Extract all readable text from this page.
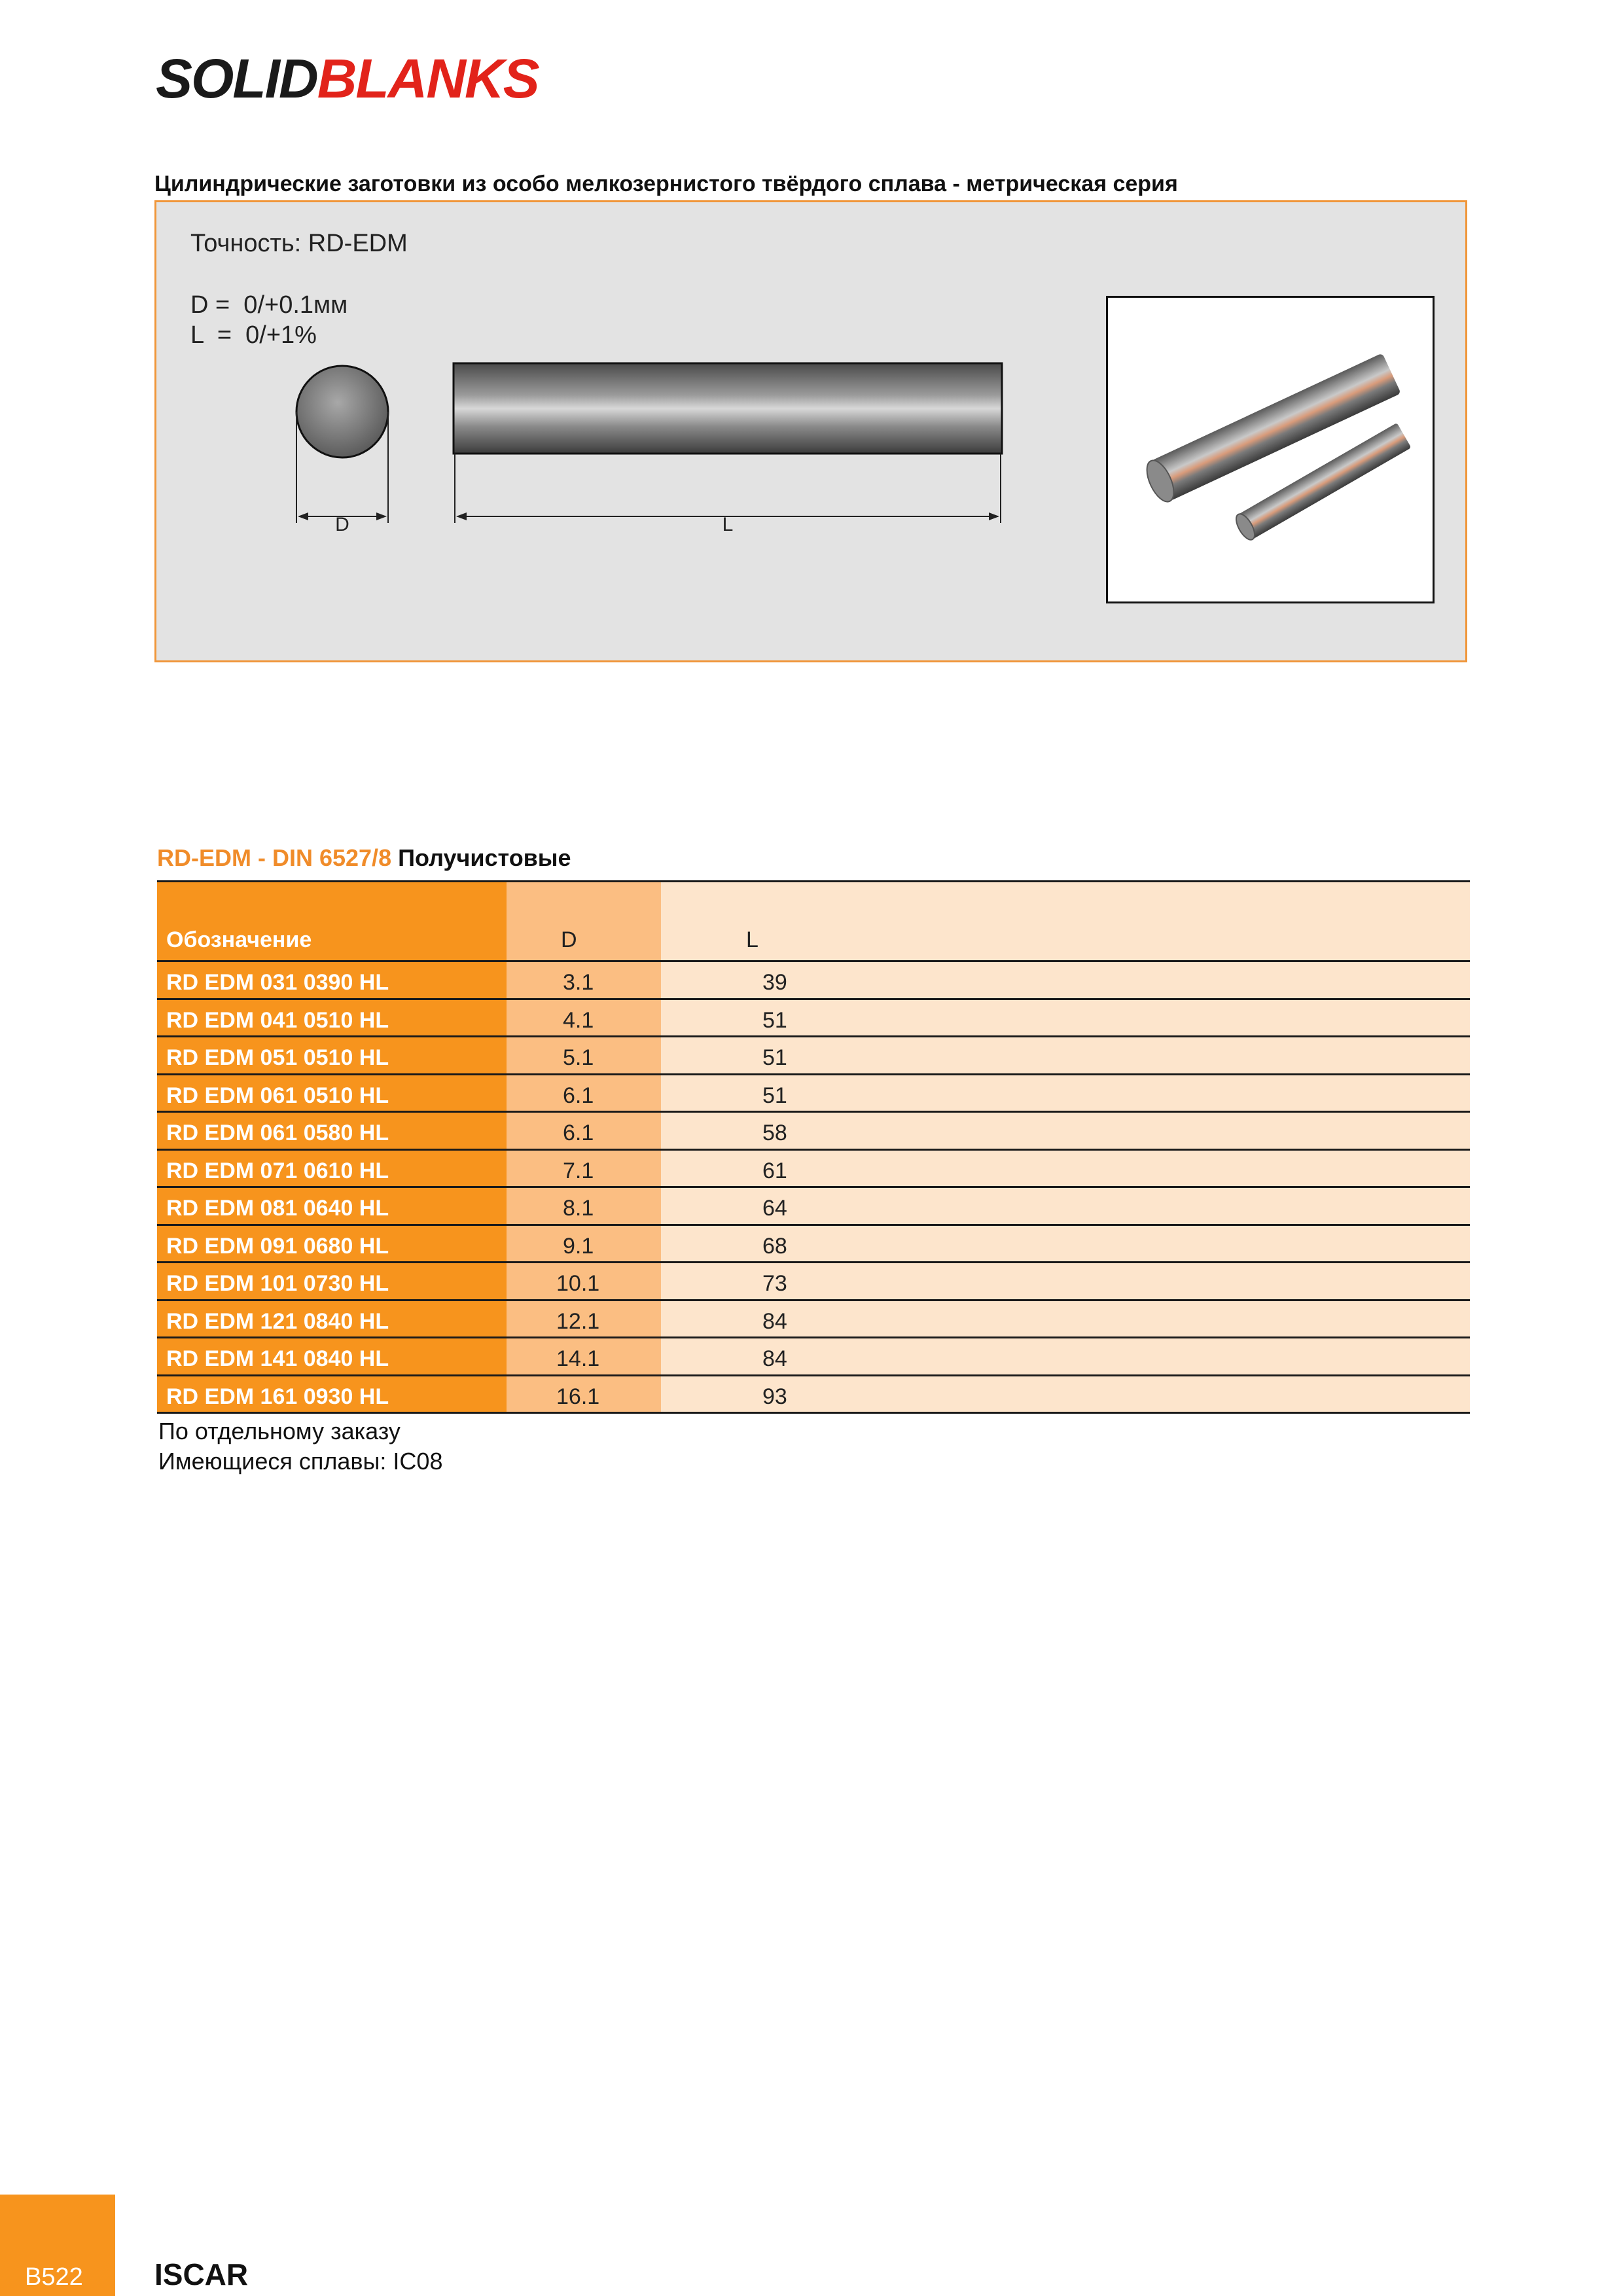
SOLIDBLANKS
Цилиндрические заготовки из особо мелкозернистого твёрдого сплава - метрическая серия
Точность: RD-EDM
D =  0/+0.1мм
L  =  0/+1%
D	L
RD-EDM - DIN 6527/8 Получистовые
Обозначение	D	L
RD EDM 031 0390 HL	3.1	39
RD EDM 041 0510 HL	4.1	51
RD EDM 051 0510 HL	5.1	51
RD EDM 061 0510 HL	6.1	51
RD EDM 061 0580 HL	6.1	58
RD EDM 071 0610 HL	7.1	61
RD EDM 081 0640 HL	8.1	64
RD EDM 091 0680 HL	9.1	68
RD EDM 101 0730 HL	10.1	73
RD EDM 121 0840 HL	12.1	84
RD EDM 141 0840 HL	14.1	84
RD EDM 161 0930 HL	16.1	93
По отдельному заказу
Имеющиеся сплавы: IC08
B522 ISCAR
